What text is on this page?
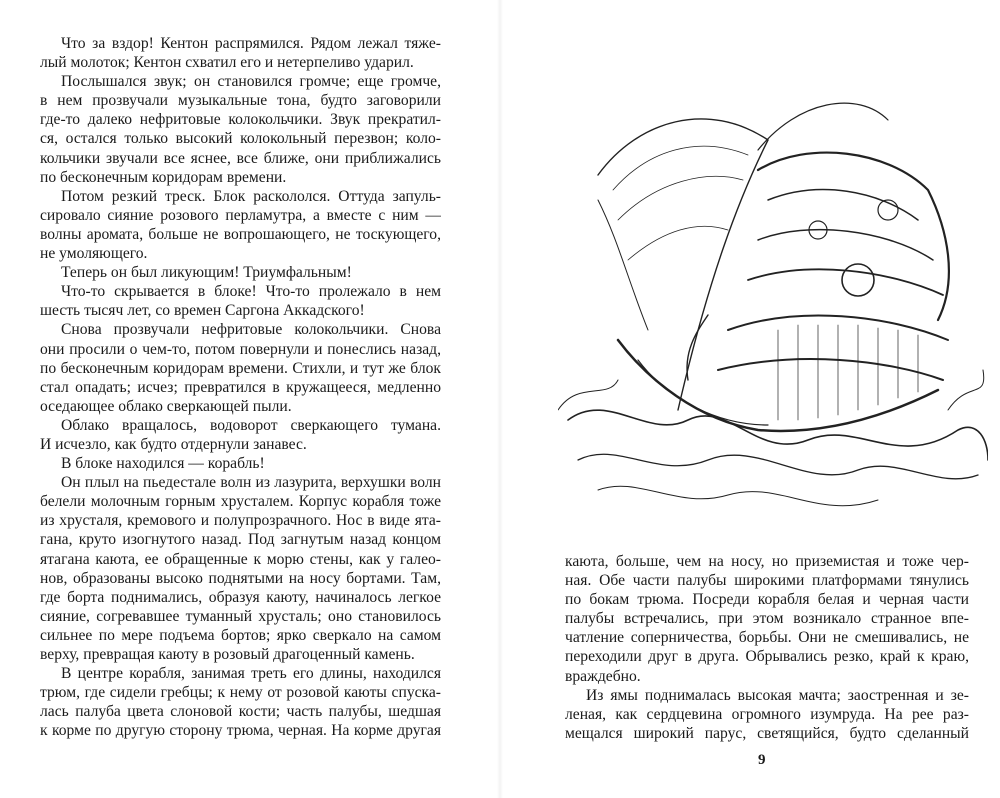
Что за вздор! Кентон распрямился. Рядом лежал тяже-
лый молоток; Кентон схватил его и нетерпеливо ударил.
Послышался звук; он становился громче; еще громче,
в нем прозвучали музыкальные тона, будто заговорили
где-то далеко нефритовые колокольчики. Звук прекратил-
ся, остался только высокий колокольный перезвон; коло-
кольчики звучали все яснее, все ближе, они приближались
по бесконечным коридорам времени.
Потом резкий треск. Блок раскололся. Оттуда запуль-
сировало сияние розового перламутра, а вместе с ним —
волны аромата, больше не вопрошающего, не тоскующего,
не умоляющего.
Теперь он был ликующим! Триумфальным!
Что-то скрывается в блоке! Что-то пролежало в нем
шесть тысяч лет, со времен Саргона Аккадского!
Снова прозвучали нефритовые колокольчики. Снова
они просили о чем-то, потом повернули и понеслись назад,
по бесконечным коридорам времени. Стихли, и тут же блок
стал опадать; исчез; превратился в кружащееся, медленно
оседающее облако сверкающей пыли.
Облако вращалось, водоворот сверкающего тумана.
И исчезло, как будто отдернули занавес.
В блоке находился — корабль!
Он плыл на пьедестале волн из лазурита, верхушки волн
белели молочным горным хрусталем. Корпус корабля тоже
из хрусталя, кремового и полупрозрачного. Нос в виде ята-
гана, круто изогнутого назад. Под загнутым назад концом
ятагана каюта, ее обращенные к морю стены, как у галео-
нов, образованы высоко поднятыми на носу бортами. Там,
где борта поднимались, образуя каюту, начиналось легкое
сияние, согревавшее туманный хрусталь; оно становилось
сильнее по мере подъема бортов; ярко сверкало на самом
верху, превращая каюту в розовый драгоценный камень.
В центре корабля, занимая треть его длины, находился
трюм, где сидели гребцы; к нему от розовой каюты спуска-
лась палуба цвета слоновой кости; часть палубы, шедшая
к корме по другую сторону трюма, черная. На корме другая
каюта, больше, чем на носу, но приземистая и тоже чер-
ная. Обе части палубы широкими платформами тянулись
по бокам трюма. Посреди корабля белая и черная части
палубы встречались, при этом возникало странное впе-
чатление соперничества, борьбы. Они не смешивались, не
переходили друг в друга. Обрывались резко, край к краю,
враждебно.
Из ямы поднималась высокая мачта; заостренная и зе-
леная, как сердцевина огромного изумруда. На рее раз-
мещался широкий парус, светящийся, будто сделанный
9
